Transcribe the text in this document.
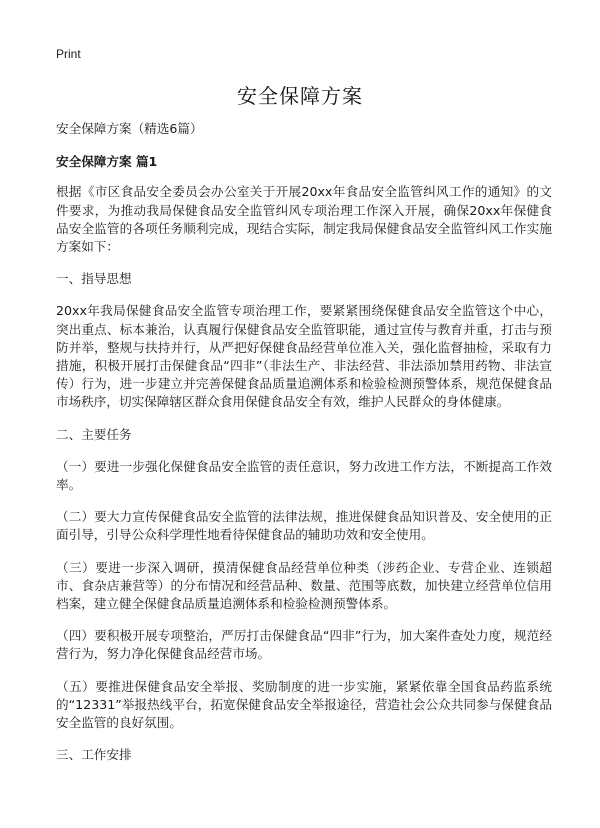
Print
安全保障方案

安全保障方案（精选6篇）

安全保障方案 篇1

根据《市区食品安全委员会办公室关于开展20xx年食品安全监管纠风工作的通知》的文件要求，为推动我局保健食品安全监管纠风专项治理工作深入开展，确保20xx年保健食品安全监管的各项任务顺利完成，现结合实际，制定我局保健食品安全监管纠风工作实施方案如下：

一、指导思想

20xx年我局保健食品安全监管专项治理工作，要紧紧围绕保健食品安全监管这个中心，突出重点、标本兼治，认真履行保健食品安全监管职能，通过宣传与教育并重，打击与预防并举，整规与扶持并行，从严把好保健食品经营单位准入关，强化监督抽检，采取有力措施，积极开展打击保健食品“四非”（非法生产、非法经营、非法添加禁用药物、非法宣传）行为，进一步建立并完善保健食品质量追溯体系和检验检测预警体系，规范保健食品市场秩序，切实保障辖区群众食用保健食品安全有效，维护人民群众的身体健康。

二、主要任务

（一）要进一步强化保健食品安全监管的责任意识，努力改进工作方法，不断提高工作效率。

（二）要大力宣传保健食品安全监管的法律法规，推进保健食品知识普及、安全使用的正面引导，引导公众科学理性地看待保健食品的辅助功效和安全使用。

（三）要进一步深入调研，摸清保健食品经营单位种类（涉药企业、专营企业、连锁超市、食杂店兼营等）的分布情况和经营品种、数量、范围等底数，加快建立经营单位信用档案，建立健全保健食品质量追溯体系和检验检测预警体系。

（四）要积极开展专项整治，严厉打击保健食品“四非”行为，加大案件查处力度，规范经营行为，努力净化保健食品经营市场。

（五）要推进保健食品安全举报、奖励制度的进一步实施，紧紧依靠全国食品药监系统的“12331”举报热线平台，拓宽保健食品安全举报途径，营造社会公众共同参与保健食品安全监管的良好氛围。

三、工作安排
